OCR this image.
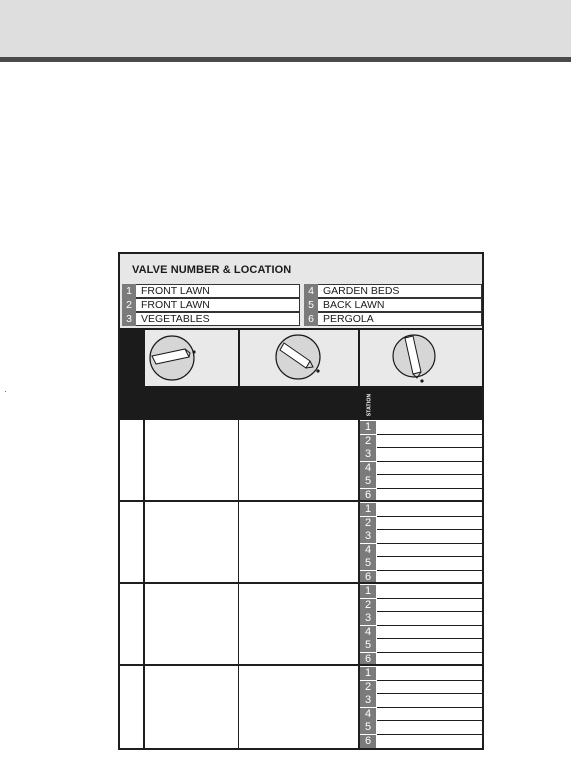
·
VALVE NUMBER & LOCATION
1 FRONT LAWN
2 FRONT LAWN
3 VEGETABLES
4 GARDEN BEDS
5 BACK LAWN
6 PERGOLA
STATION
1
2
3
4
5
6
1
2
3
4
5
6
1
2
3
4
5
6
1
2
3
4
5
6
